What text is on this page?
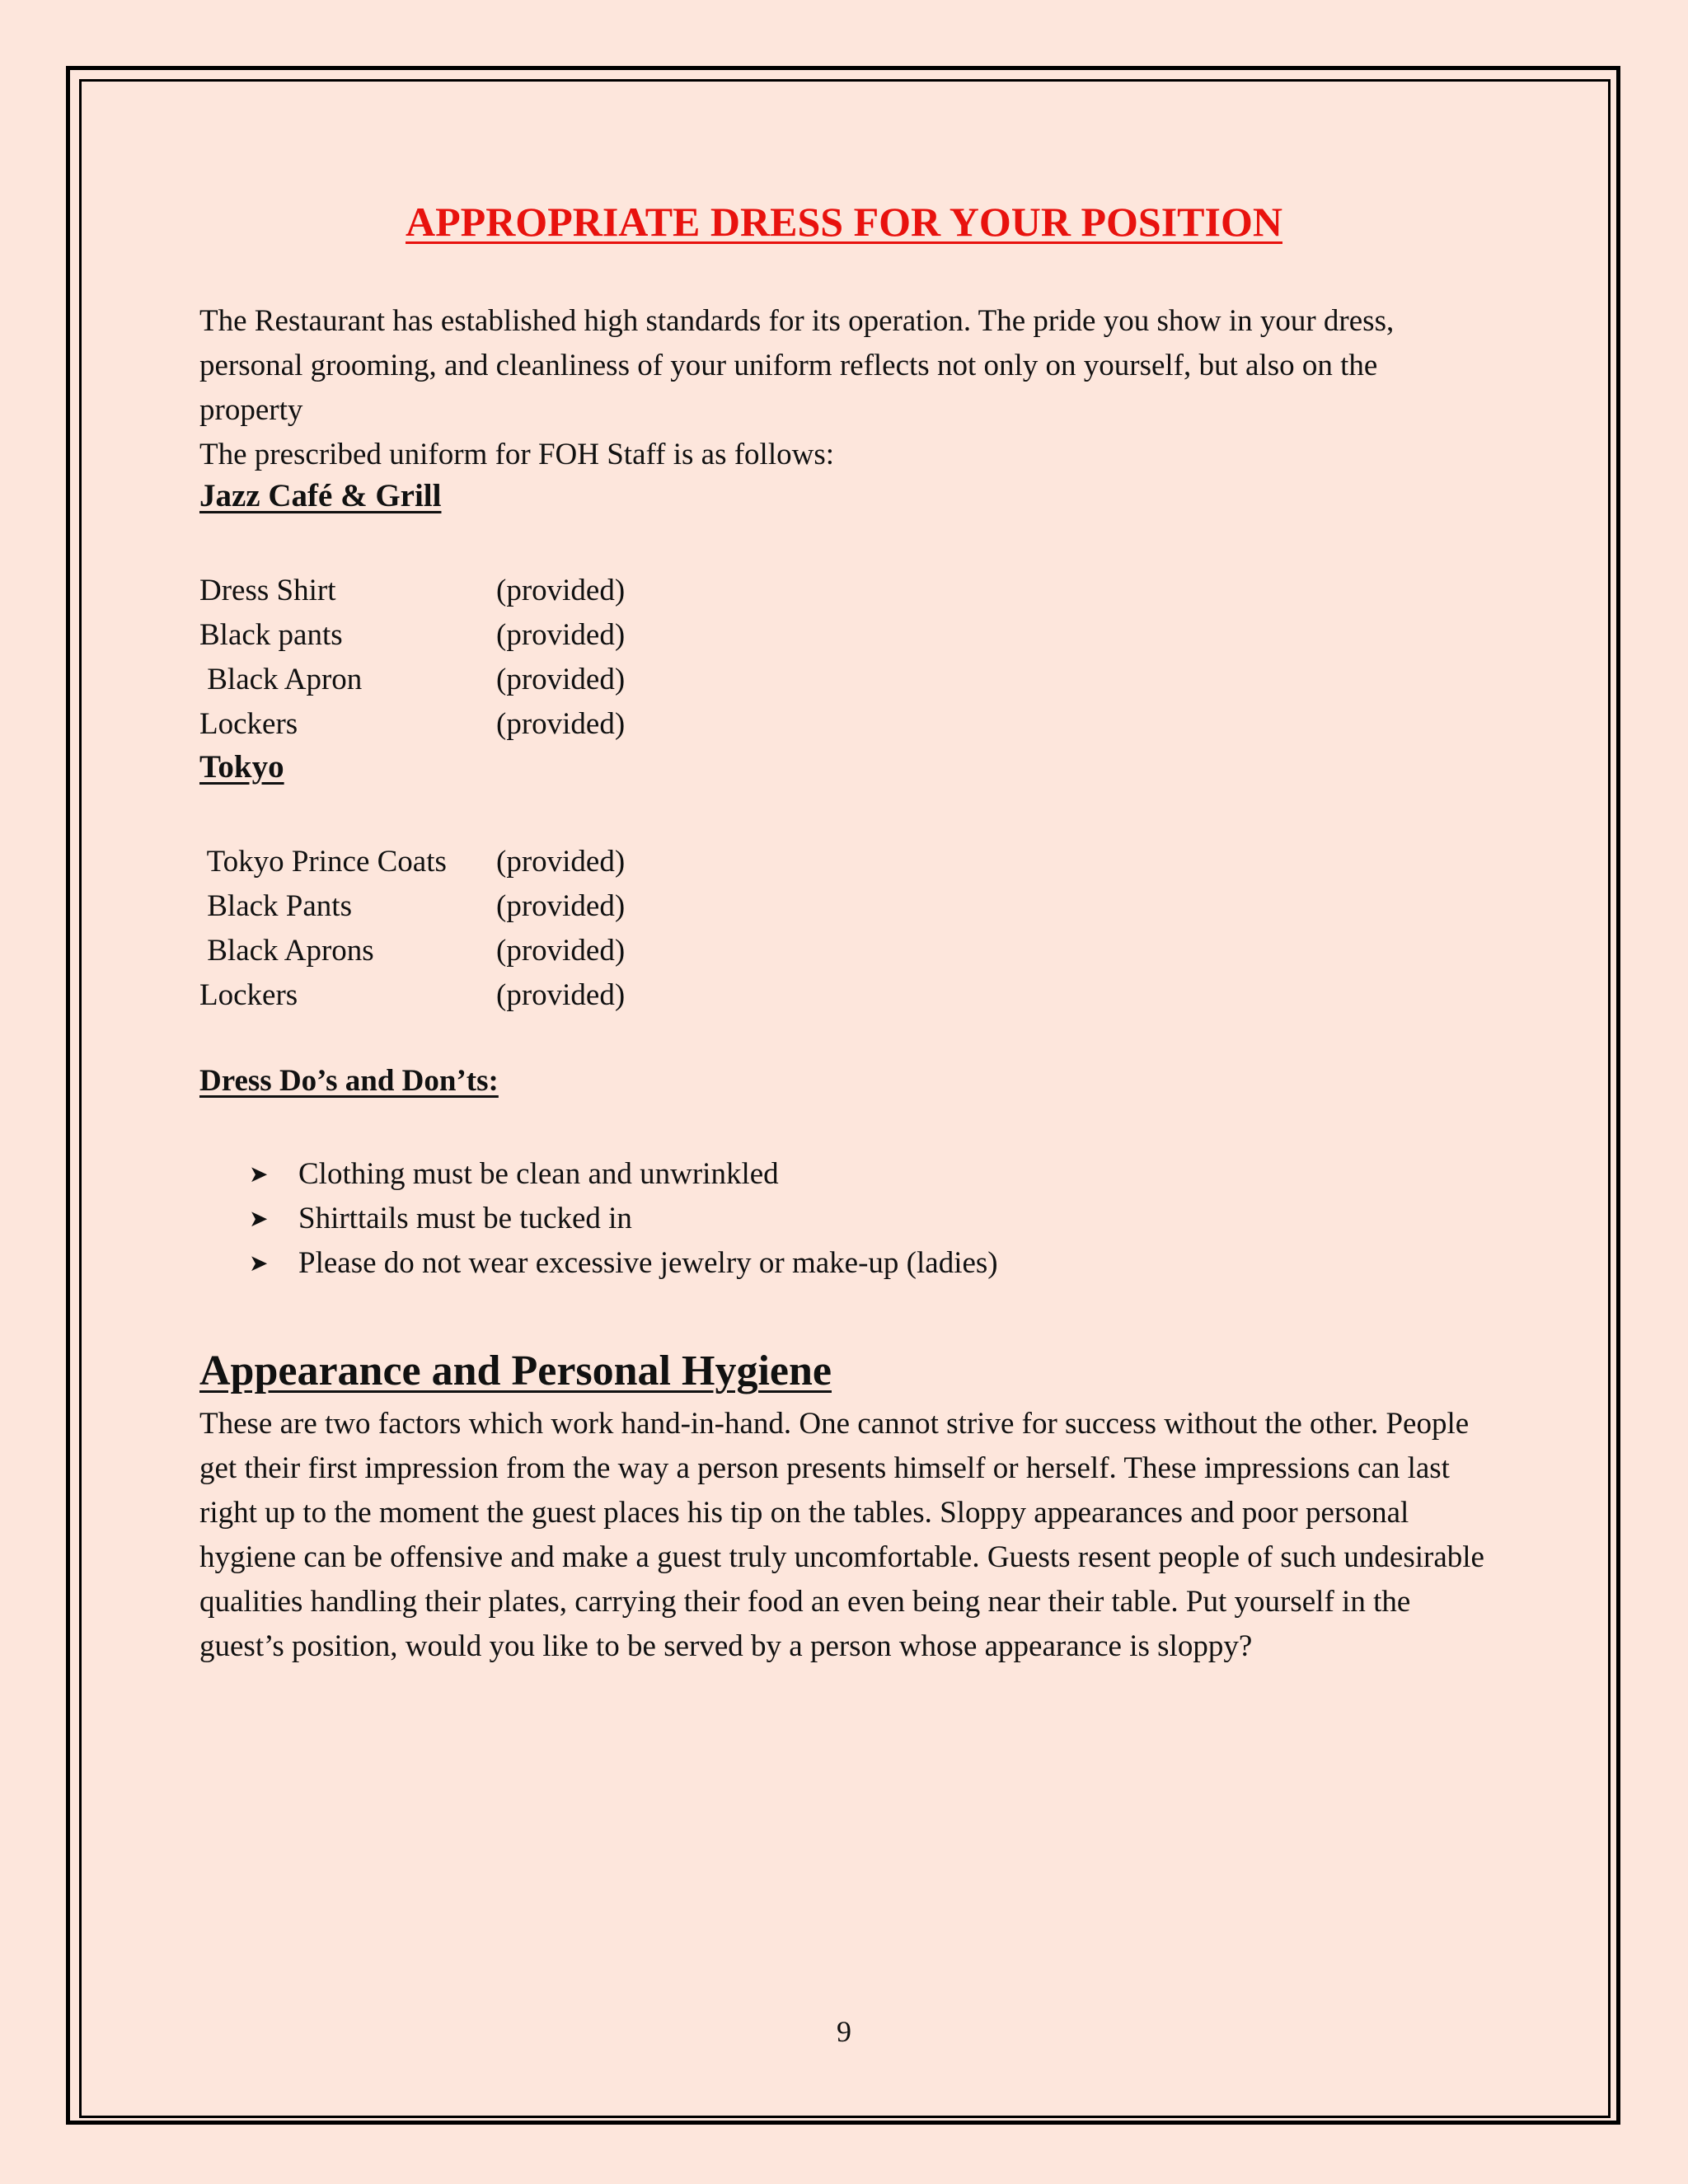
APPROPRIATE DRESS FOR YOUR POSITION
The Restaurant has established high standards for its operation. The pride you show in your dress, personal grooming, and cleanliness of your uniform reflects not only on yourself, but also on the property
The prescribed uniform for FOH Staff is as follows:
Jazz Café & Grill
Dress Shirt	(provided)
Black pants	(provided)
Black Apron	(provided)
Lockers	(provided)
Tokyo
Tokyo Prince Coats	(provided)
Black Pants	(provided)
Black Aprons	(provided)
Lockers	(provided)
Dress Do’s and Don’ts:
➤ Clothing must be clean and unwrinkled
➤ Shirttails must be tucked in
➤ Please do not wear excessive jewelry or make-up (ladies)
Appearance and Personal Hygiene
These are two factors which work hand-in-hand. One cannot strive for success without the other. People get their first impression from the way a person presents himself or herself. These impressions can last right up to the moment the guest places his tip on the tables. Sloppy appearances and poor personal hygiene can be offensive and make a guest truly uncomfortable. Guests resent people of such undesirable qualities handling their plates, carrying their food an even being near their table. Put yourself in the guest’s position, would you like to be served by a person whose appearance is sloppy?
9
